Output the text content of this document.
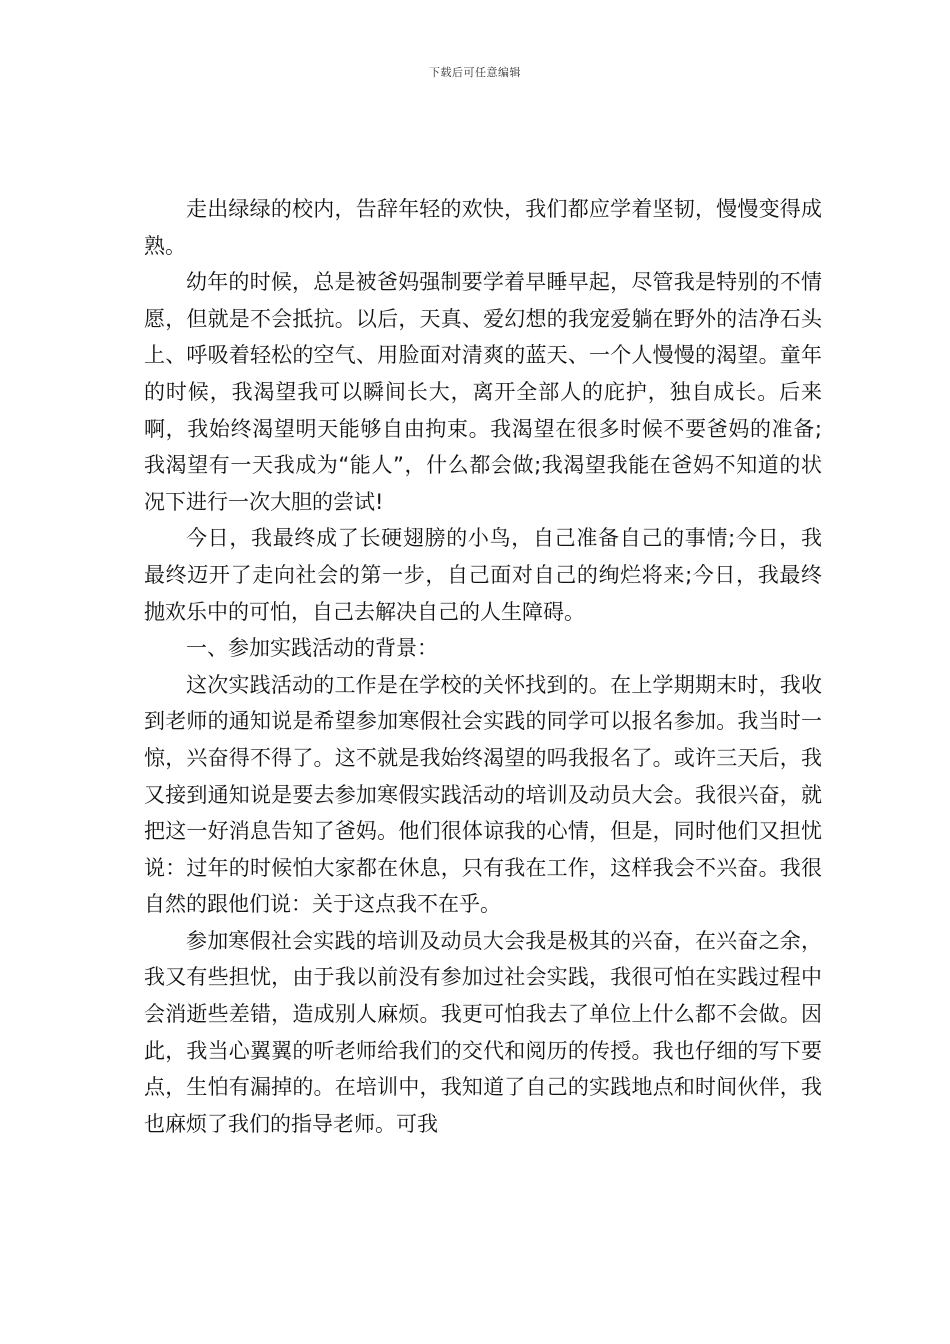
下载后可任意编辑

走出绿绿的校内，告辞年轻的欢快，我们都应学着坚韧，慢慢变得成熟。

幼年的时候，总是被爸妈强制要学着早睡早起，尽管我是特别的不情愿，但就是不会抵抗。以后，天真、爱幻想的我宠爱躺在野外的洁净石头上、呼吸着轻松的空气、用脸面对清爽的蓝天、一个人慢慢的渴望。童年的时候，我渴望我可以瞬间长大，离开全部人的庇护，独自成长。后来啊，我始终渴望明天能够自由拘束。我渴望在很多时候不要爸妈的准备;我渴望有一天我成为“能人”，什么都会做;我渴望我能在爸妈不知道的状况下进行一次大胆的尝试!

今日，我最终成了长硬翅膀的小鸟，自己准备自己的事情;今日，我最终迈开了走向社会的第一步，自己面对自己的绚烂将来;今日，我最终抛欢乐中的可怕，自己去解决自己的人生障碍。

一、参加实践活动的背景：

这次实践活动的工作是在学校的关怀找到的。在上学期期末时，我收到老师的通知说是希望参加寒假社会实践的同学可以报名参加。我当时一惊，兴奋得不得了。这不就是我始终渴望的吗我报名了。或许三天后，我又接到通知说是要去参加寒假实践活动的培训及动员大会。我很兴奋，就把这一好消息告知了爸妈。他们很体谅我的心情，但是，同时他们又担忧说：过年的时候怕大家都在休息，只有我在工作，这样我会不兴奋。我很自然的跟他们说：关于这点我不在乎。

参加寒假社会实践的培训及动员大会我是极其的兴奋，在兴奋之余，我又有些担忧，由于我以前没有参加过社会实践，我很可怕在实践过程中会消逝些差错，造成别人麻烦。我更可怕我去了单位上什么都不会做。因此，我当心翼翼的听老师给我们的交代和阅历的传授。我也仔细的写下要点，生怕有漏掉的。在培训中，我知道了自己的实践地点和时间伙伴，我也麻烦了我们的指导老师。可我
